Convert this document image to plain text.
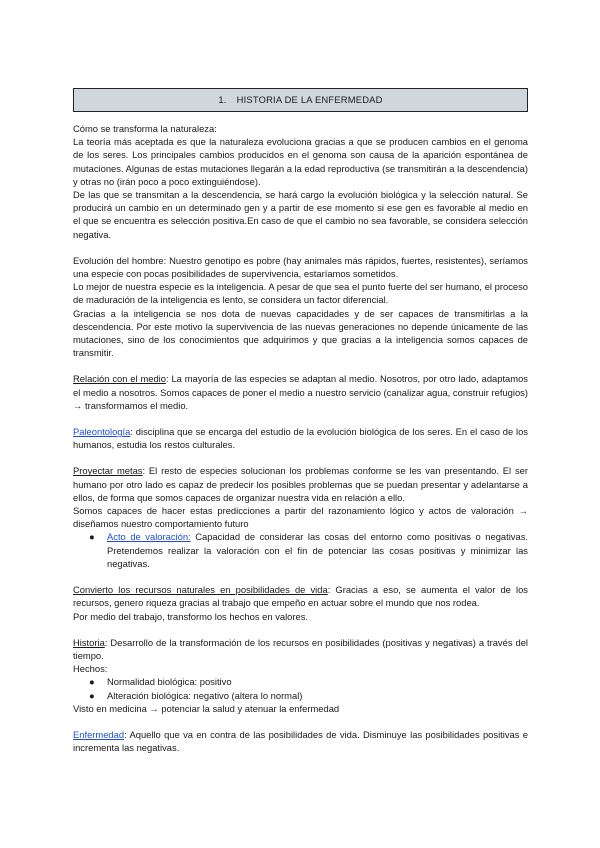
1. HISTORIA DE LA ENFERMEDAD

Cómo se transforma la naturaleza:

La teoría más aceptada es que la naturaleza evoluciona gracias a que se producen cambios en el genoma de los seres. Los principales cambios producidos en el genoma son causa de la aparición espontánea de mutaciones. Algunas de estas mutaciones llegarán a la edad reproductiva (se transmitirán a la descendencia) y otras no (irán poco a poco extinguiéndose).

De las que se transmitan a la descendencia, se hará cargo la evolución biológica y la selección natural. Se producirá un cambio en un determinado gen y a partir de ese momento si ese gen es favorable al medio en el que se encuentra es selección positiva.En caso de que el cambio no sea favorable, se considera selección negativa.

Evolución del hombre: Nuestro genotipo es pobre (hay animales más rápidos, fuertes, resistentes), seríamos una especie con pocas posibilidades de supervivencia, estaríamos sometidos.

Lo mejor de nuestra especie es la inteligencia. A pesar de que sea el punto fuerte del ser humano, el proceso de maduración de la inteligencia es lento, se considera un factor diferencial.

Gracias a la inteligencia se nos dota de nuevas capacidades y de ser capaces de transmitirlas a la descendencia. Por este motivo la supervivencia de las nuevas generaciones no depende únicamente de las mutaciones, sino de los conocimientos que adquirimos y que gracias a la inteligencia somos capaces de transmitir.

Relación con el medio: La mayoría de las especies se adaptan al medio. Nosotros, por otro lado, adaptamos el medio a nosotros. Somos capaces de poner el medio a nuestro servicio (canalizar agua, construir refugios) → transformamos el medio.

Paleontología: disciplina que se encarga del estudio de la evolución biológica de los seres. En el caso de los humanos, estudia los restos culturales.

Proyectar metas: El resto de especies solucionan los problemas conforme se les van presentando. El ser humano por otro lado es capaz de predecir los posibles problemas que se puedan presentar y adelantarse a ellos, de forma que somos capaces de organizar nuestra vida en relación a ello.

Somos capaces de hacer estas predicciones a partir del razonamiento lógico y actos de valoración → diseñamos nuestro comportamiento futuro

● Acto de valoración: Capacidad de considerar las cosas del entorno como positivas o negativas. Pretendemos realizar la valoración con el fin de potenciar las cosas positivas y minimizar las negativas.

Convierto los recursos naturales en posibilidades de vida: Gracias a eso, se aumenta el valor de los recursos, genero riqueza gracias al trabajo que empeño en actuar sobre el mundo que nos rodea.

Por medio del trabajo, transformo los hechos en valores.

Historia: Desarrollo de la transformación de los recursos en posibilidades (positivas y negativas) a través del tiempo.

Hechos:

● Normalidad biológica: positivo
● Alteración biológica: negativo (altera lo normal)

Visto en medicina → potenciar la salud y atenuar la enfermedad

Enfermedad: Aquello que va en contra de las posibilidades de vida. Disminuye las posibilidades positivas e incrementa las negativas.
